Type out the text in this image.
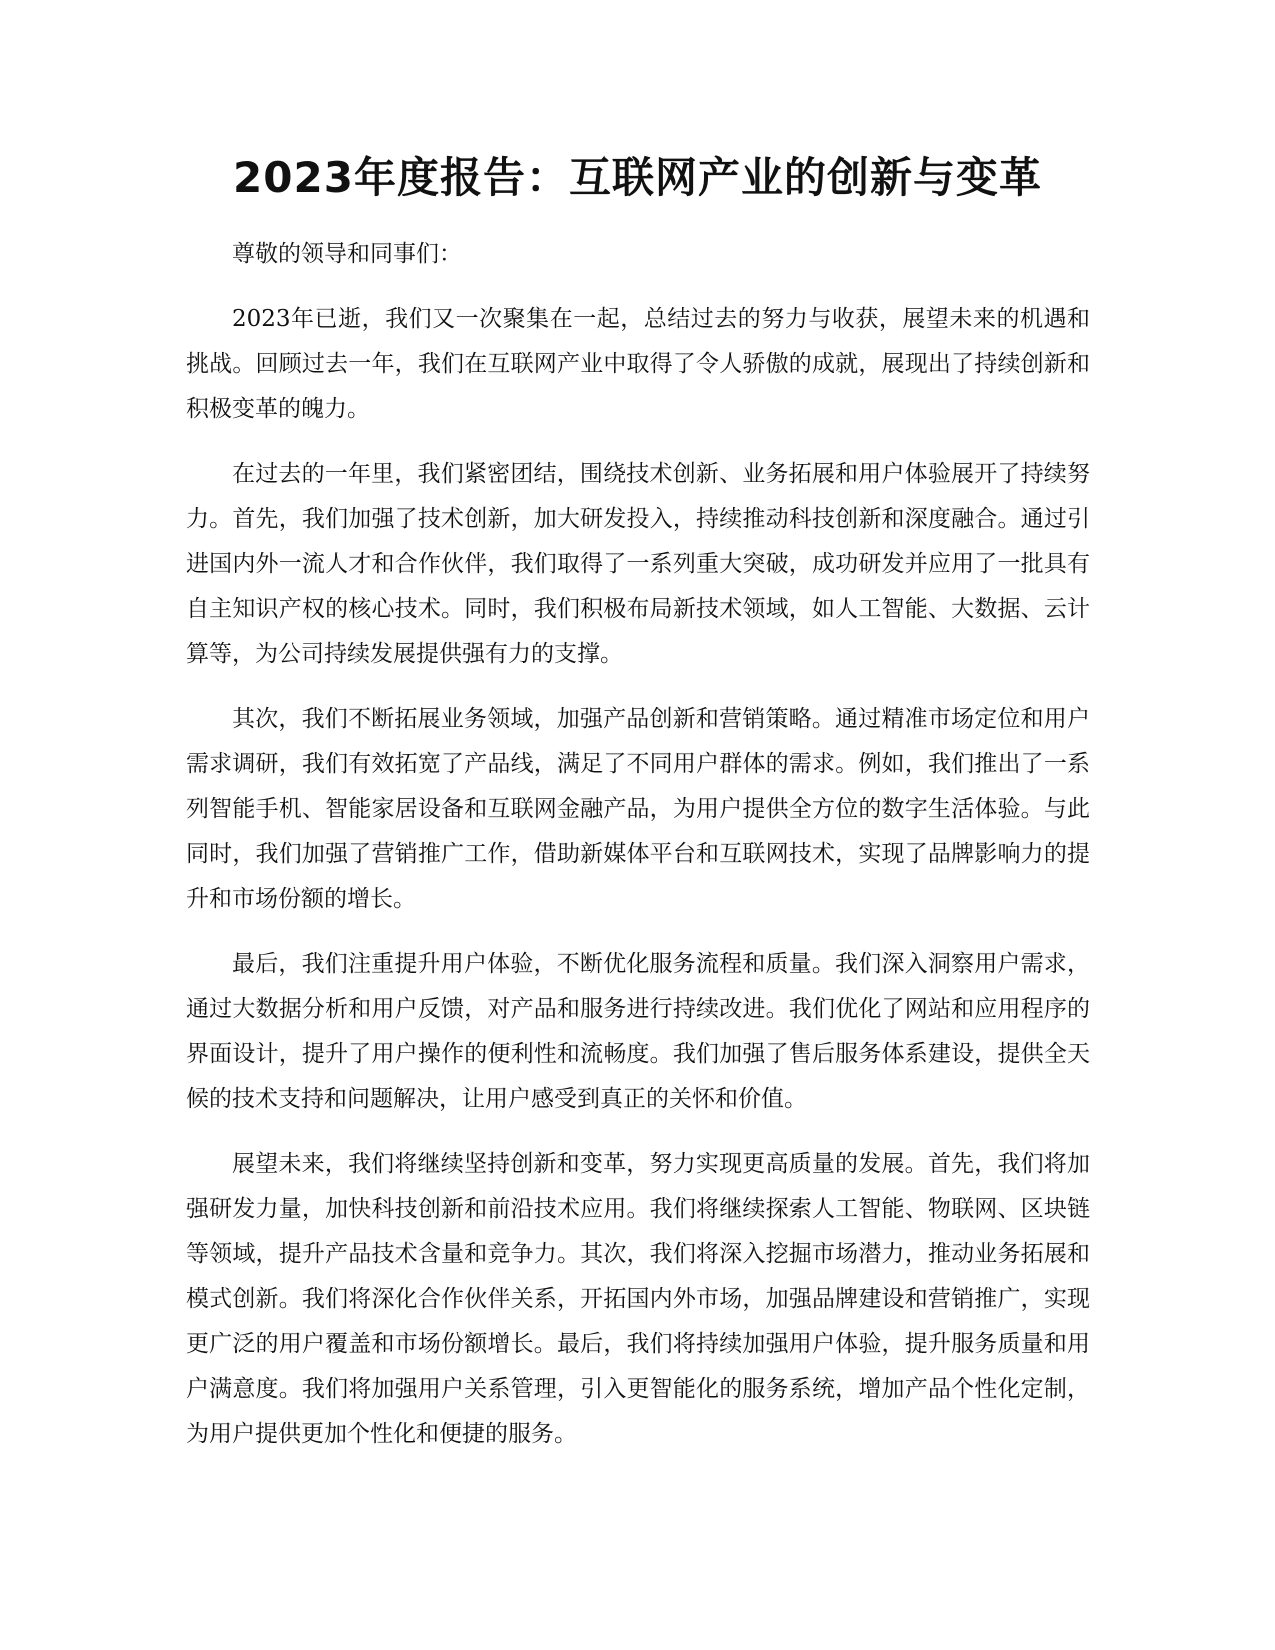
2023年度报告：互联网产业的创新与变革

尊敬的领导和同事们：

2023年已逝，我们又一次聚集在一起，总结过去的努力与收获，展望未来的机遇和挑战。回顾过去一年，我们在互联网产业中取得了令人骄傲的成就，展现出了持续创新和积极变革的魄力。

在过去的一年里，我们紧密团结，围绕技术创新、业务拓展和用户体验展开了持续努力。首先，我们加强了技术创新，加大研发投入，持续推动科技创新和深度融合。通过引进国内外一流人才和合作伙伴，我们取得了一系列重大突破，成功研发并应用了一批具有自主知识产权的核心技术。同时，我们积极布局新技术领域，如人工智能、大数据、云计算等，为公司持续发展提供强有力的支撑。

其次，我们不断拓展业务领域，加强产品创新和营销策略。通过精准市场定位和用户需求调研，我们有效拓宽了产品线，满足了不同用户群体的需求。例如，我们推出了一系列智能手机、智能家居设备和互联网金融产品，为用户提供全方位的数字生活体验。与此同时，我们加强了营销推广工作，借助新媒体平台和互联网技术，实现了品牌影响力的提升和市场份额的增长。

最后，我们注重提升用户体验，不断优化服务流程和质量。我们深入洞察用户需求，通过大数据分析和用户反馈，对产品和服务进行持续改进。我们优化了网站和应用程序的界面设计，提升了用户操作的便利性和流畅度。我们加强了售后服务体系建设，提供全天候的技术支持和问题解决，让用户感受到真正的关怀和价值。

展望未来，我们将继续坚持创新和变革，努力实现更高质量的发展。首先，我们将加强研发力量，加快科技创新和前沿技术应用。我们将继续探索人工智能、物联网、区块链等领域，提升产品技术含量和竞争力。其次，我们将深入挖掘市场潜力，推动业务拓展和模式创新。我们将深化合作伙伴关系，开拓国内外市场，加强品牌建设和营销推广，实现更广泛的用户覆盖和市场份额增长。最后，我们将持续加强用户体验，提升服务质量和用户满意度。我们将加强用户关系管理，引入更智能化的服务系统，增加产品个性化定制，为用户提供更加个性化和便捷的服务。
